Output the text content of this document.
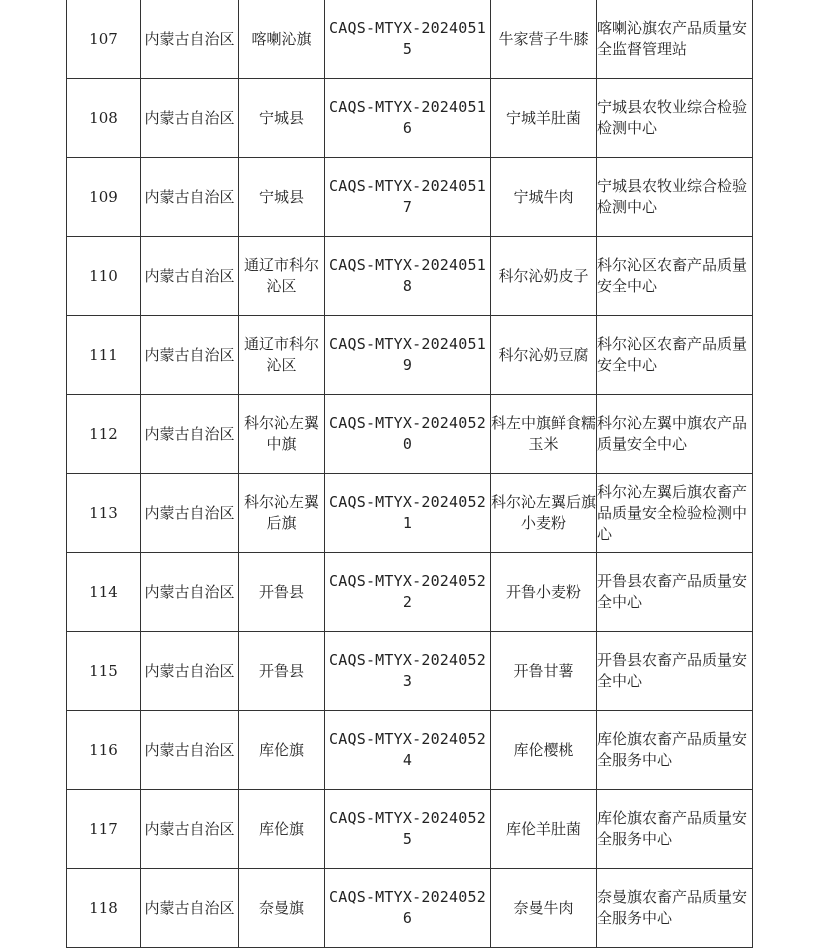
107	内蒙古自治区	喀喇沁旗	CAQS-MTYX-20240515	牛家营子牛膝	喀喇沁旗农产品质量安全监督管理站

108	内蒙古自治区	宁城县	CAQS-MTYX-20240516	宁城羊肚菌	宁城县农牧业综合检验检测中心

109	内蒙古自治区	宁城县	CAQS-MTYX-20240517	宁城牛肉	宁城县农牧业综合检验检测中心

110	内蒙古自治区	通辽市科尔沁区	CAQS-MTYX-20240518	科尔沁奶皮子	科尔沁区农畜产品质量安全中心

111	内蒙古自治区	通辽市科尔沁区	CAQS-MTYX-20240519	科尔沁奶豆腐	科尔沁区农畜产品质量安全中心

112	内蒙古自治区	科尔沁左翼中旗	CAQS-MTYX-20240520	科左中旗鲜食糯玉米	科尔沁左翼中旗农产品质量安全中心

113	内蒙古自治区	科尔沁左翼后旗	CAQS-MTYX-20240521	科尔沁左翼后旗小麦粉	科尔沁左翼后旗农畜产品质量安全检验检测中心

114	内蒙古自治区	开鲁县	CAQS-MTYX-20240522	开鲁小麦粉	开鲁县农畜产品质量安全中心

115	内蒙古自治区	开鲁县	CAQS-MTYX-20240523	开鲁甘薯	开鲁县农畜产品质量安全中心

116	内蒙古自治区	库伦旗	CAQS-MTYX-20240524	库伦樱桃	库伦旗农畜产品质量安全服务中心

117	内蒙古自治区	库伦旗	CAQS-MTYX-20240525	库伦羊肚菌	库伦旗农畜产品质量安全服务中心

118	内蒙古自治区	奈曼旗	CAQS-MTYX-20240526	奈曼牛肉	奈曼旗农畜产品质量安全服务中心
